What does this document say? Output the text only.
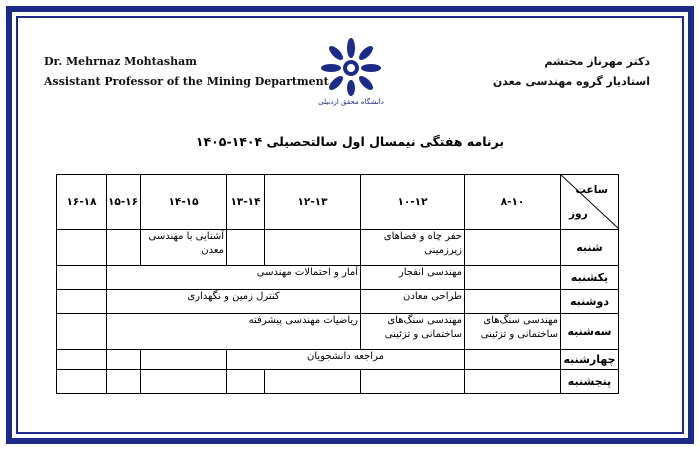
Dr. Mehrnaz Mohtasham
Assistant Professor of the Mining Department
دکتر مهرناز محتشم
استادیار گروه مهندسی معدن
دانشگاه محقق اردبیلی
برنامه هفتگی نیمسال اول سالتحصیلی ۱۴۰۴-۱۴۰۵
ساعت
روز	۸-۱۰	۱۰-۱۲	۱۲-۱۳	۱۳-۱۴	۱۴-۱۵	۱۵-۱۶	۱۶-۱۸
شنبه		حفر چاه و فضاهای زیرزمینی			آشنایی با مهندسی معدن		
یکشنبه		مهندسی انفجار	آمار و احتمالات مهندسی				
دوشنبه		طراحی معادن	کنترل زمین و نگهداری				
سه‌شنبه	مهندسی سنگ‌های ساختمانی و تزئینی	مهندسی سنگ‌های ساختمانی و تزئینی	ریاضیات مهندسی پیشرفته				
چهارشنبه		مراجعه دانشجویان					
پنجشنبه							
